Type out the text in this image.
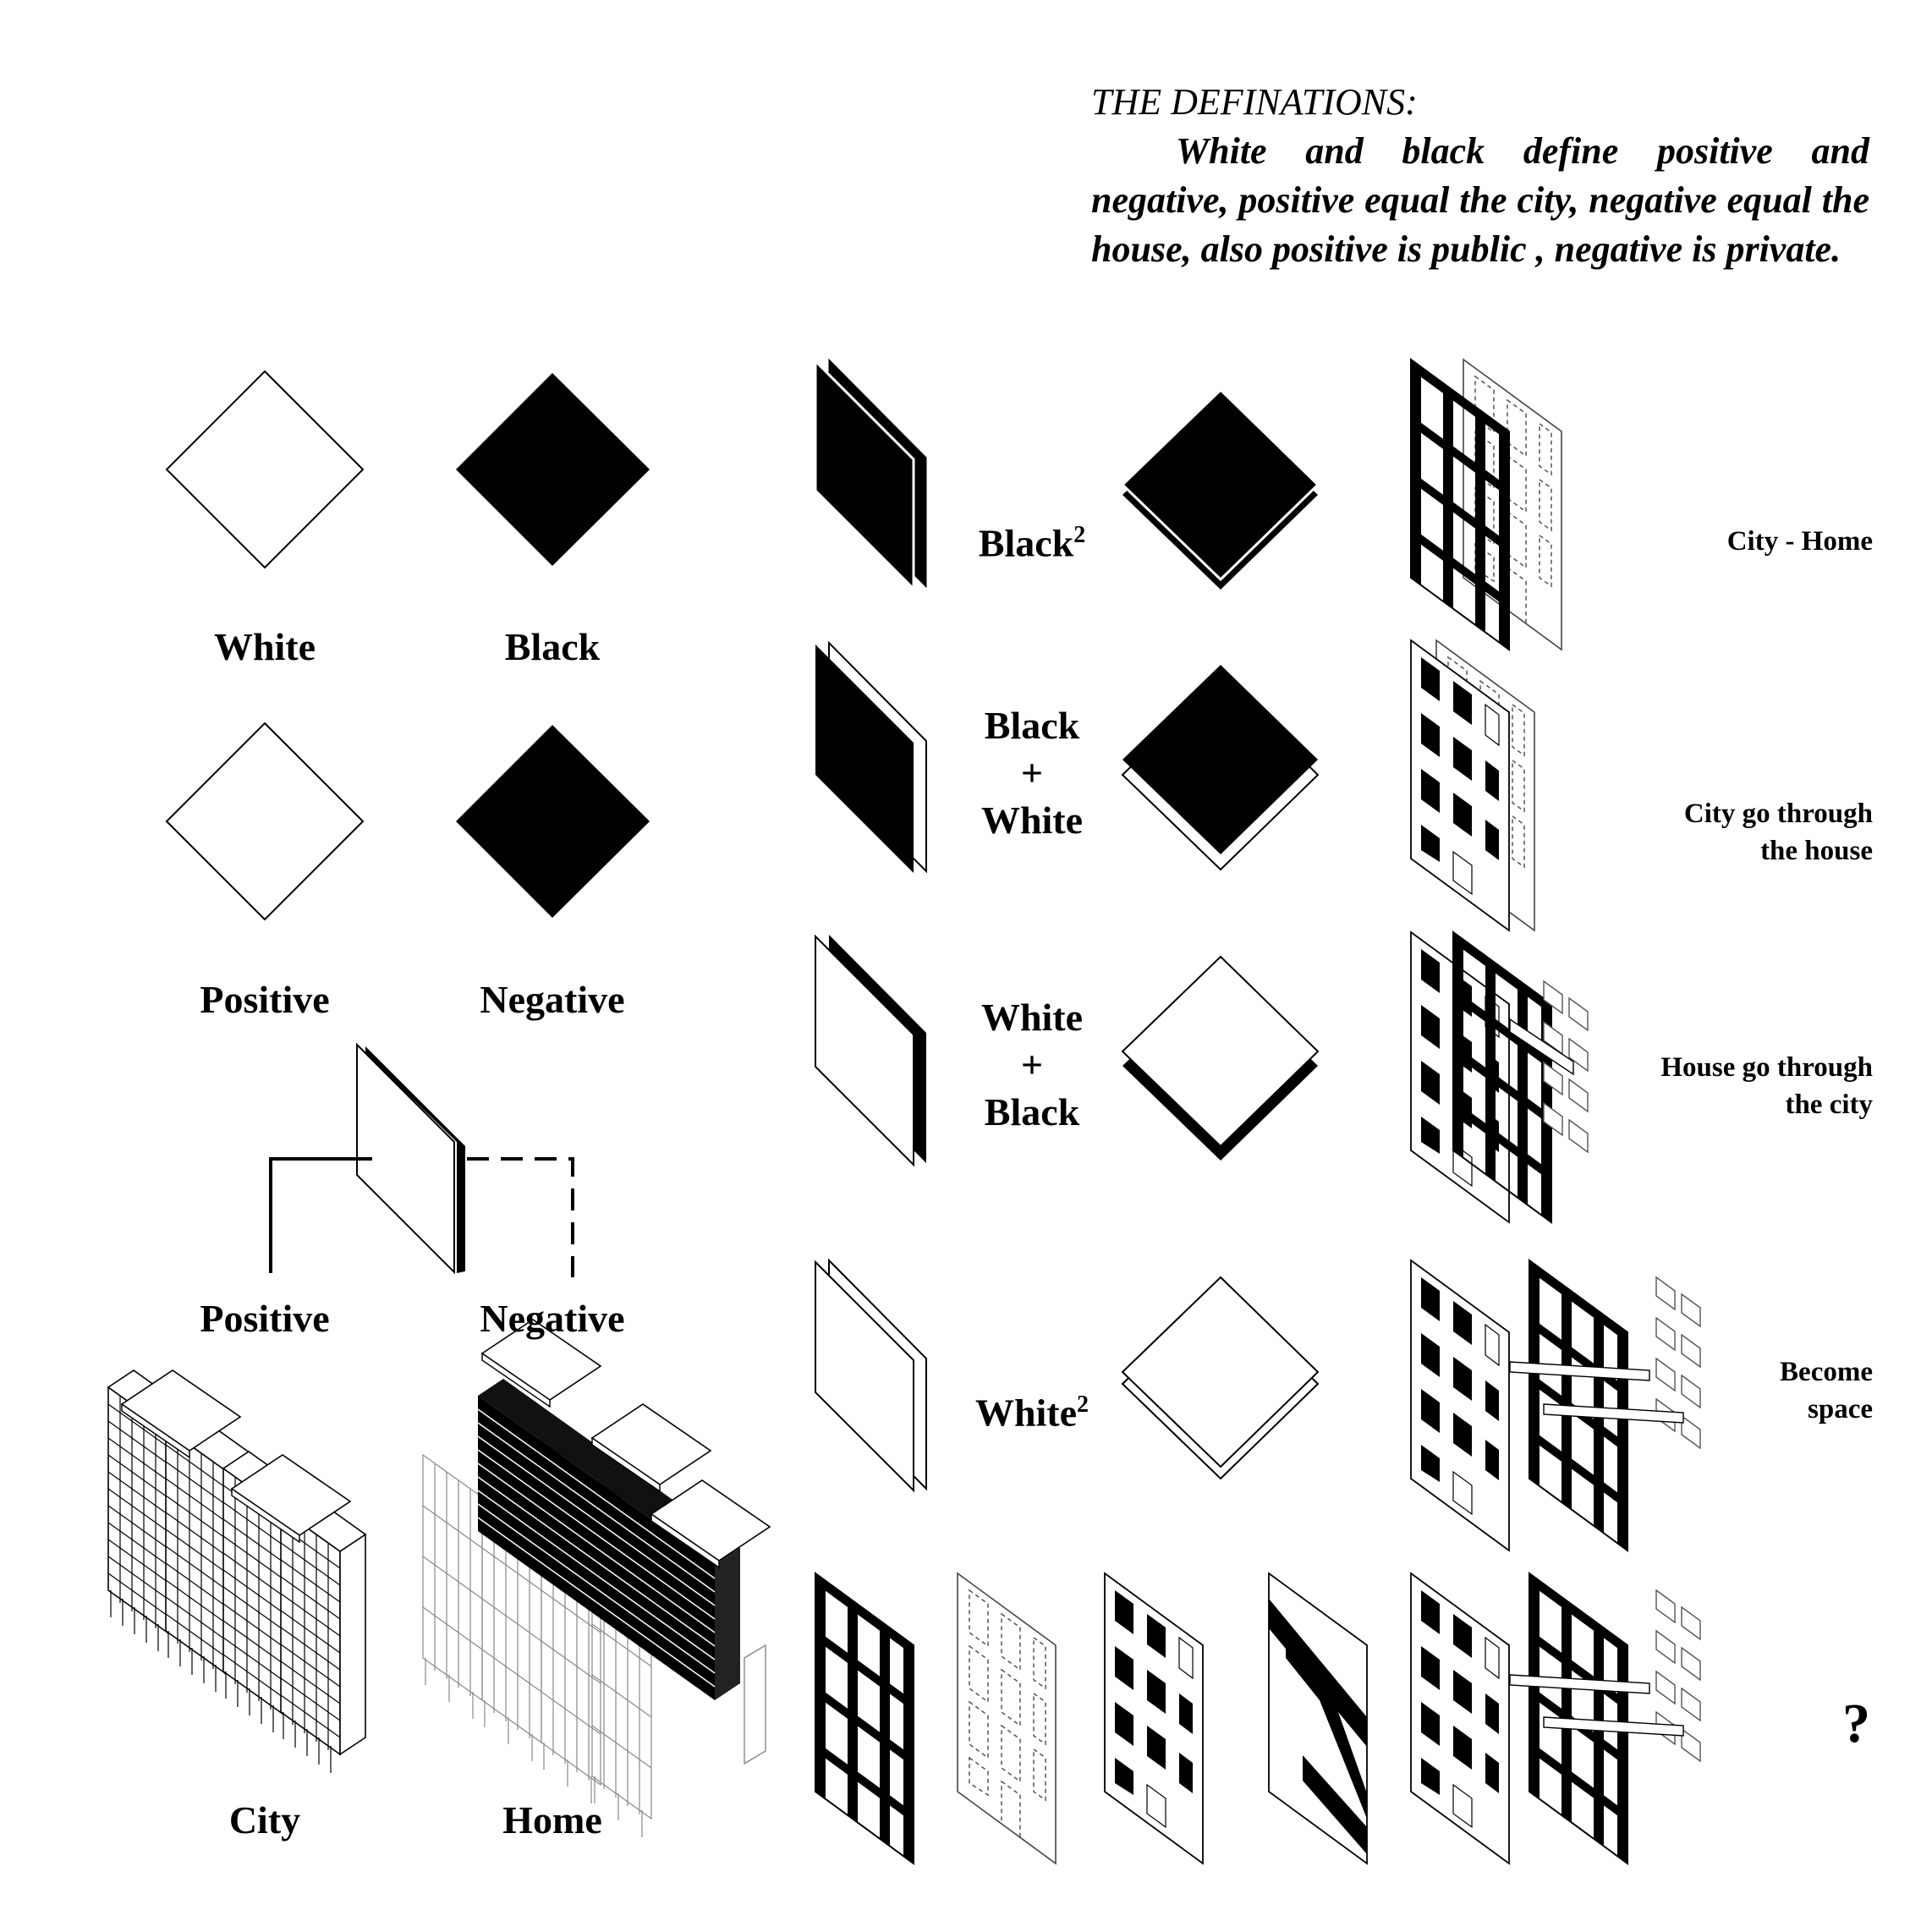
THE DEFINATIONS:
White and black define positive and negative, positive equal the city, negative equal the house, also positive is public , negative is private.
White	Black
Positive	Negative
Positive	Negative
City	Home
Black$^2$
Black
+
White
White
+
Black
White$^2$
City - Home
City go through
the house
House go through
the city
Become
space
?
